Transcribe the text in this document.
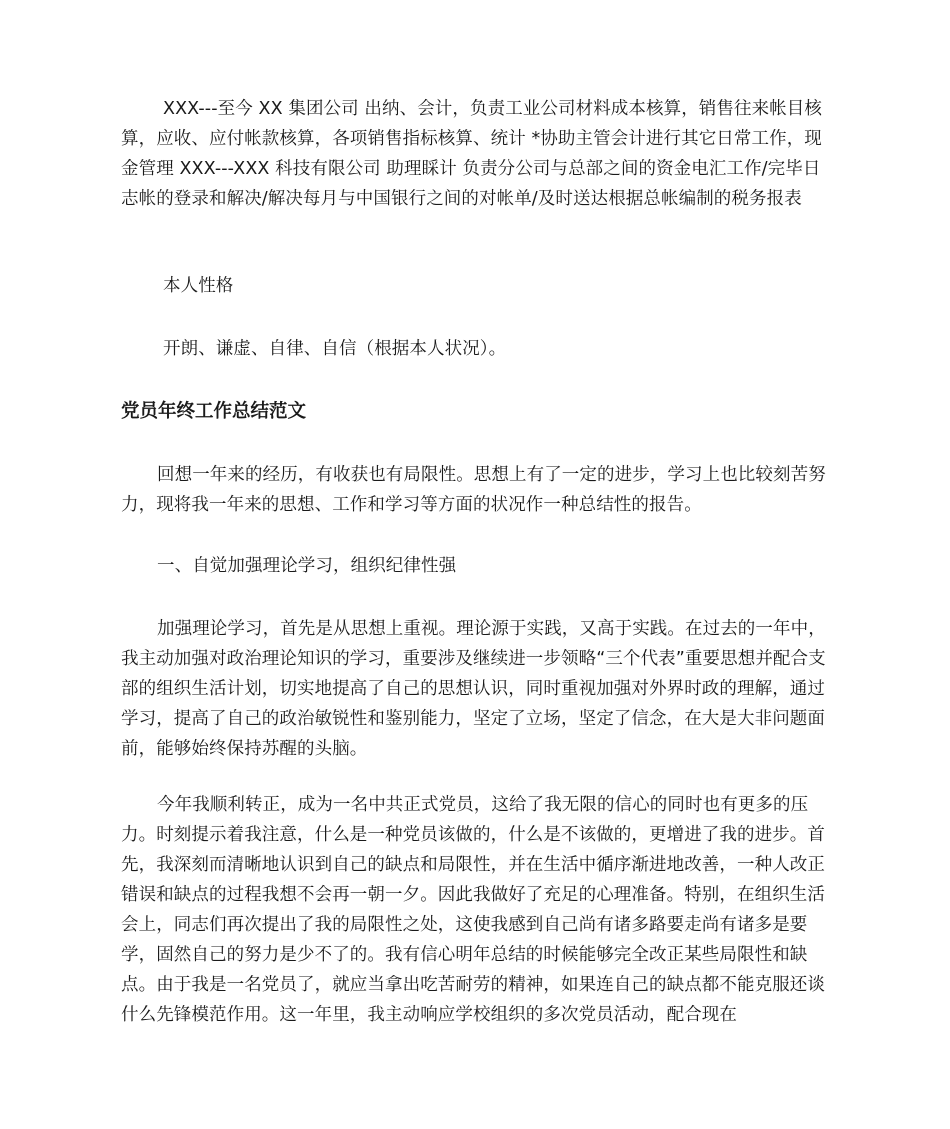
XXX---至今 XX 集团公司 出纳、会计，负责工业公司材料成本核算，销售往来帐目核算，应收、应付帐款核算，各项销售指标核算、统计 *协助主管会计进行其它日常工作，现金管理 XXX---XXX 科技有限公司 助理睬计 负责分公司与总部之间的资金电汇工作/完毕日志帐的登录和解决/解决每月与中国银行之间的对帐单/及时送达根据总帐编制的税务报表

本人性格

开朗、谦虚、自律、自信（根据本人状况）。

党员年终工作总结范文

回想一年来的经历，有收获也有局限性。思想上有了一定的进步，学习上也比较刻苦努力，现将我一年来的思想、工作和学习等方面的状况作一种总结性的报告。

一、自觉加强理论学习，组织纪律性强

加强理论学习，首先是从思想上重视。理论源于实践，又高于实践。在过去的一年中，我主动加强对政治理论知识的学习，重要涉及继续进一步领略“三个代表”重要思想并配合支部的组织生活计划，切实地提高了自己的思想认识，同时重视加强对外界时政的理解，通过学习，提高了自己的政治敏锐性和鉴别能力，坚定了立场，坚定了信念，在大是大非问题面前，能够始终保持苏醒的头脑。

今年我顺利转正，成为一名中共正式党员，这给了我无限的信心的同时也有更多的压力。时刻提示着我注意，什么是一种党员该做的，什么是不该做的，更增进了我的进步。首先，我深刻而清晰地认识到自己的缺点和局限性，并在生活中循序渐进地改善，一种人改正错误和缺点的过程我想不会再一朝一夕。因此我做好了充足的心理准备。特别，在组织生活会上，同志们再次提出了我的局限性之处，这使我感到自己尚有诸多路要走尚有诸多是要学，固然自己的努力是少不了的。我有信心明年总结的时候能够完全改正某些局限性和缺点。由于我是一名党员了，就应当拿出吃苦耐劳的精神，如果连自己的缺点都不能克服还谈什么先锋模范作用。这一年里，我主动响应学校组织的多次党员活动，配合现在
